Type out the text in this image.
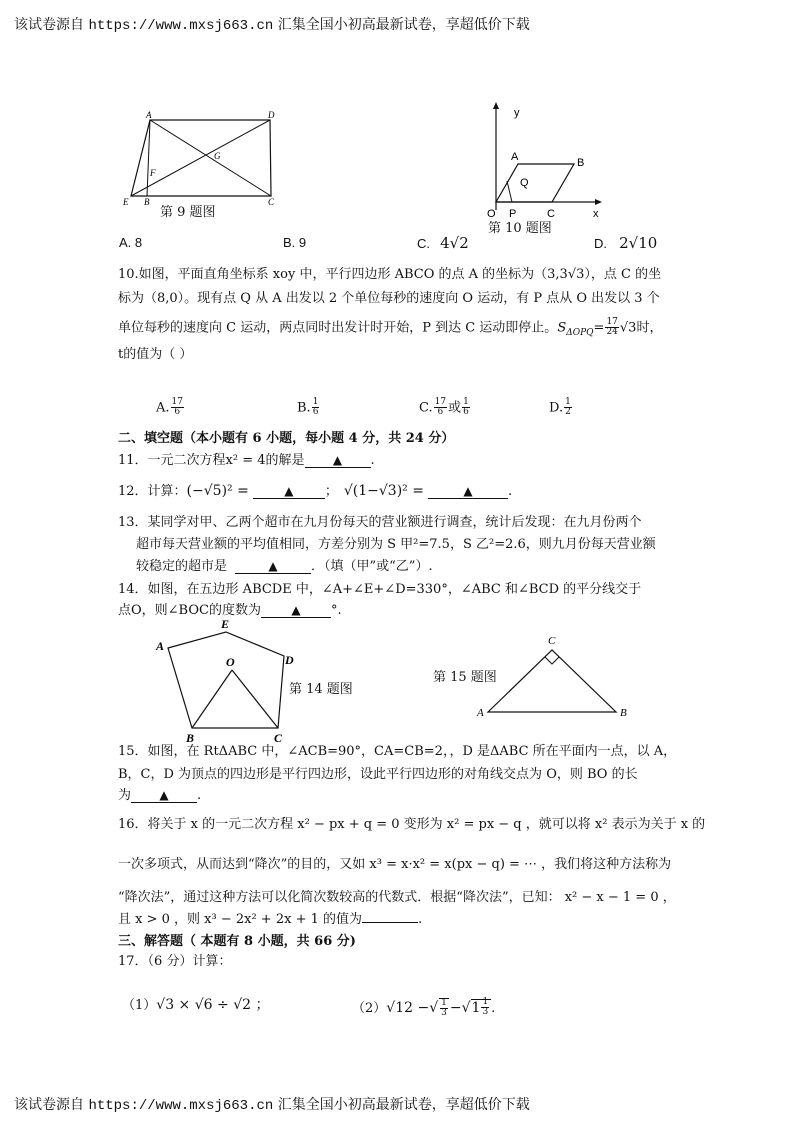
该试卷源自 https://www.mxsj663.cn 汇集全国小初高最新试卷，享超低价下载
A	D
G
F
E B	C
第 9 题图
y
x
A	B
Q
O P	C
第 10 题图
A. 8	B. 9	C. 4√2	D. 2√10
10.如图，平面直角坐标系 xoy 中，平行四边形 ABCO 的点 A 的坐标为（3,3√3），点 C 的坐
标为（8,0）。现有点 Q 从 A 出发以 2 个单位每秒的速度向 O 运动，有 P 点从 O 出发以 3 个
单位每秒的速度向 C 运动，两点同时出发计时开始，P 到达 C 运动即停止。$S_{\Delta OPQ}= \frac{17}{24} √3$时，
t的值为（ ）
A. $\frac{17}{6}$	B. $\frac{1}{6}$	C. $\frac{17}{6}$ 或 $\frac{1}{6}$	D. $\frac{1}{2}$
二、填空题（本小题有 6 小题，每小题 4 分，共 24 分）
11．一元二次方程x² = 4的解是 ▲ .
12．计算：(−√5)² =	▲ ； √(1−√3)² =	▲	.
13．某同学对甲、乙两个超市在九月份每天的营业额进行调查，统计后发现：在九月份两个
超市每天营业额的平均值相同，方差分别为 S 甲²=7.5，S 乙²=2.6，则九月份每天营业额
较稳定的超市是	▲	．（填（甲”或“乙”）.
14．如图，在五边形 ABCDE 中，∠A+∠E+∠D=330°，∠ABC 和∠BCD 的平分线交于
点O，则∠BOC的度数为	▲ °.
A
E
O	D
B	C
第 14 题图
第 15 题图
C
A	B
15．如图，在 RtΔABC 中，∠ACB=90°，CA=CB=2，，D 是ΔABC 所在平面内一点，以 A，
B，C，D 为顶点的四边形是平行四边形，设此平行四边形的对角线交点为 O，则 BO 的长
为 ▲ .
16．将关于 x 的一元二次方程 x² − px + q = 0 变形为 x² = px − q ，就可以将 x² 表示为关于 x 的
一次多项式，从而达到“降次”的目的，又如 x³ = x·x² = x(px − q) = ⋯ ，我们将这种方法称为
“降次法”，通过这种方法可以化简次数较高的代数式．根据“降次法”，已知： x² − x − 1 = 0 ，
且 x > 0 ，则 x³ − 2x² + 2x + 1 的值为	.
三、解答题（ 本题有 8 小题，共 66 分)
17．（6 分）计算：
（1）√3 × √6 ÷ √2 ；	（2）√12 −√ $\frac{1}{3} -√1 \frac{1}{3}$ .
该试卷源自 https://www.mxsj663.cn 汇集全国小初高最新试卷，享超低价下载
